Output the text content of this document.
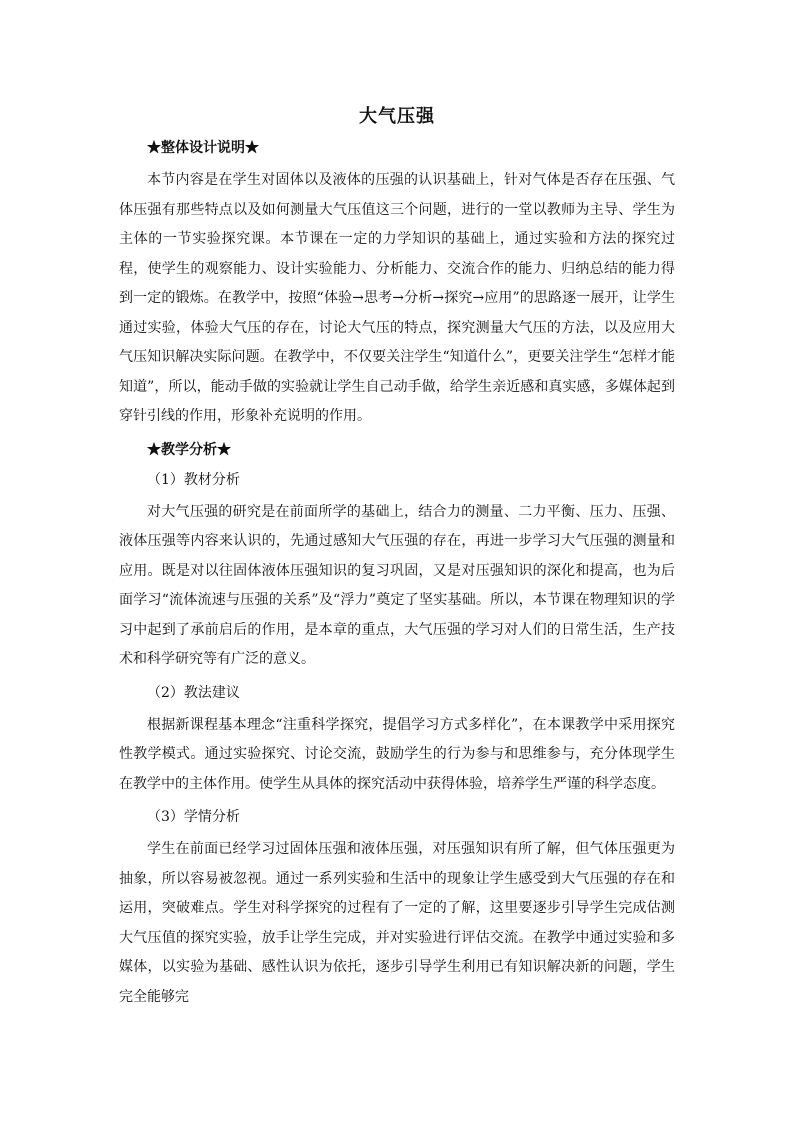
大气压强
★整体设计说明★

本节内容是在学生对固体以及液体的压强的认识基础上，针对气体是否存在压强、气体压强有那些特点以及如何测量大气压值这三个问题，进行的一堂以教师为主导、学生为主体的一节实验探究课。本节课在一定的力学知识的基础上，通过实验和方法的探究过程，使学生的观察能力、设计实验能力、分析能力、交流合作的能力、归纳总结的能力得到一定的锻炼。在教学中，按照“体验→思考→分析→探究→应用”的思路逐一展开，让学生通过实验，体验大气压的存在，讨论大气压的特点，探究测量大气压的方法，以及应用大气压知识解决实际问题。在教学中，不仅要关注学生“知道什么”，更要关注学生“怎样才能知道”，所以，能动手做的实验就让学生自己动手做，给学生亲近感和真实感，多媒体起到穿针引线的作用，形象补充说明的作用。

★教学分析★
（1）教材分析

对大气压强的研究是在前面所学的基础上，结合力的测量、二力平衡、压力、压强、液体压强等内容来认识的，先通过感知大气压强的存在，再进一步学习大气压强的测量和应用。既是对以往固体液体压强知识的复习巩固，又是对压强知识的深化和提高，也为后面学习“流体流速与压强的关系”及“浮力”奠定了坚实基础。所以，本节课在物理知识的学习中起到了承前启后的作用，是本章的重点，大气压强的学习对人们的日常生活，生产技术和科学研究等有广泛的意义。

（2）教法建议

根据新课程基本理念“注重科学探究，提倡学习方式多样化”，在本课教学中采用探究性教学模式。通过实验探究、讨论交流，鼓励学生的行为参与和思维参与，充分体现学生在教学中的主体作用。使学生从具体的探究活动中获得体验，培养学生严谨的科学态度。

（3）学情分析

学生在前面已经学习过固体压强和液体压强，对压强知识有所了解，但气体压强更为抽象，所以容易被忽视。通过一系列实验和生活中的现象让学生感受到大气压强的存在和运用，突破难点。学生对科学探究的过程有了一定的了解，这里要逐步引导学生完成估测大气压值的探究实验，放手让学生完成，并对实验进行评估交流。在教学中通过实验和多媒体，以实验为基础、感性认识为依托，逐步引导学生利用已有知识解决新的问题，学生完全能够完
